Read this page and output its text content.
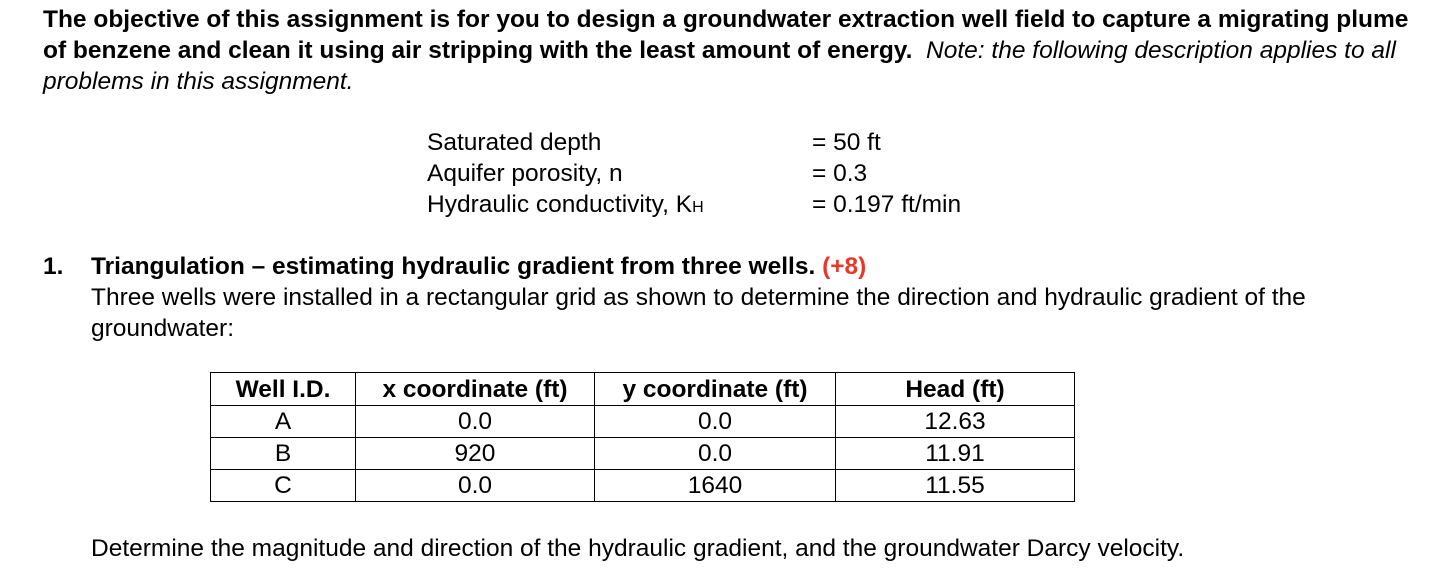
The objective of this assignment is for you to design a groundwater extraction well field to capture a migrating plume of benzene and clean it using air stripping with the least amount of energy. Note: the following description applies to all problems in this assignment.
Saturated depth	= 50 ft
Aquifer porosity, n	= 0.3
Hydraulic conductivity, KH	= 0.197 ft/min
1. Triangulation – estimating hydraulic gradient from three wells. (+8)
Three wells were installed in a rectangular grid as shown to determine the direction and hydraulic gradient of the groundwater:
Well I.D.	x coordinate (ft)	y coordinate (ft)	Head (ft)
A	0.0	0.0	12.63
B	920	0.0	11.91
C	0.0	1640	11.55
Determine the magnitude and direction of the hydraulic gradient, and the groundwater Darcy velocity.
